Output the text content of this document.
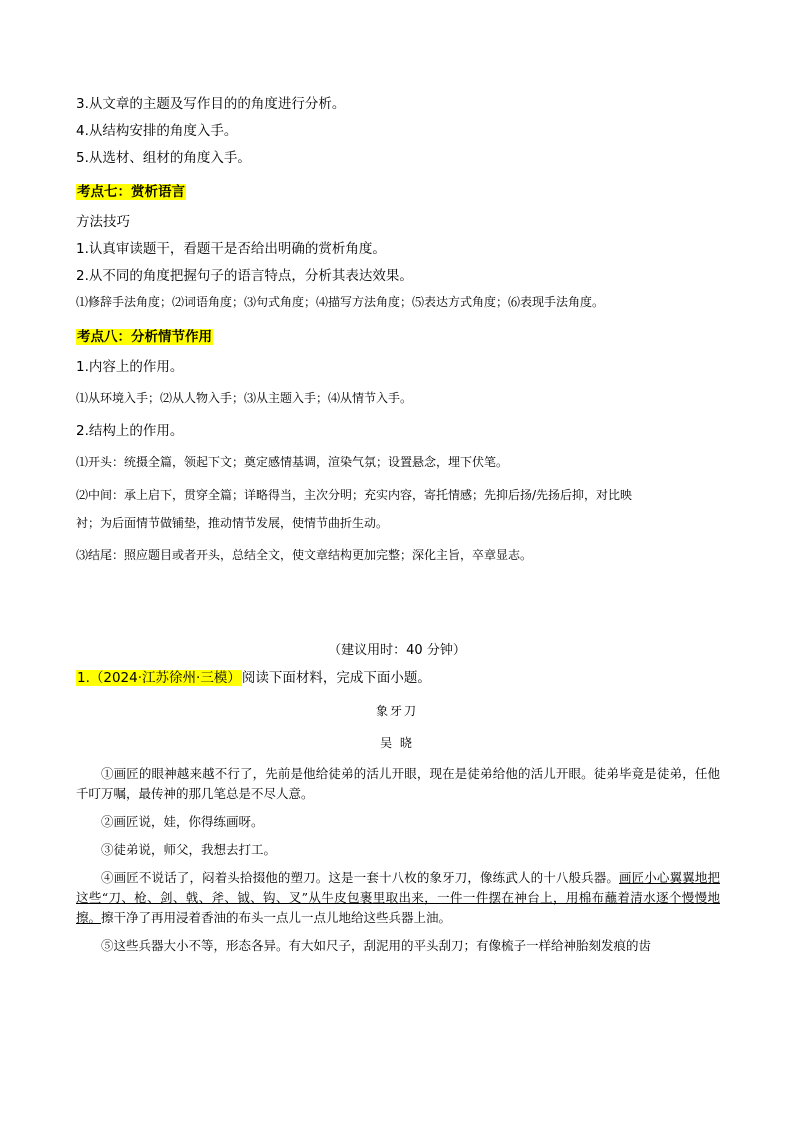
3.从文章的主题及写作目的的角度进行分析。
4.从结构安排的角度入手。
5.从选材、组材的角度入手。
考点七：赏析语言
方法技巧
1.认真审读题干，看题干是否给出明确的赏析角度。
2.从不同的角度把握句子的语言特点，分析其表达效果。
⑴修辞手法角度；⑵词语角度；⑶句式角度；⑷描写方法角度；⑸表达方式角度；⑹表现手法角度。
考点八：分析情节作用
1.内容上的作用。
⑴从环境入手；⑵从人物入手；⑶从主题入手；⑷从情节入手。
2.结构上的作用。
⑴开头：统摄全篇，领起下文；奠定感情基调，渲染气氛；设置悬念，埋下伏笔。
⑵中间：承上启下，贯穿全篇；详略得当，主次分明；充实内容，寄托情感；先抑后扬/先扬后抑，对比映
衬；为后面情节做铺垫，推动情节发展，使情节曲折生动。
⑶结尾：照应题目或者开头，总结全文，使文章结构更加完整；深化主旨，卒章显志。
（建议用时：40 分钟）
1.（2024·江苏徐州·三模）阅读下面材料，完成下面小题。
象牙刀
吴 晓

①画匠的眼神越来越不行了，先前是他给徒弟的活儿开眼，现在是徒弟给他的活儿开眼。徒弟毕竟是徒弟，任他千叮万嘱，最传神的那几笔总是不尽人意。

②画匠说，娃，你得练画呀。

③徒弟说，师父，我想去打工。

④画匠不说话了，闷着头拾掇他的塑刀。这是一套十八枚的象牙刀，像练武人的十八般兵器。画匠小心翼翼地把这些“刀、枪、剑、戟、斧、钺、钩、叉”从牛皮包裹里取出来，一件一件摆在神台上，用棉布蘸着清水逐个慢慢地擦。擦干净了再用浸着香油的布头一点儿一点儿地给这些兵器上油。

⑤这些兵器大小不等，形态各异。有大如尺子，刮泥用的平头刮刀；有像梳子一样给神胎刻发痕的齿
